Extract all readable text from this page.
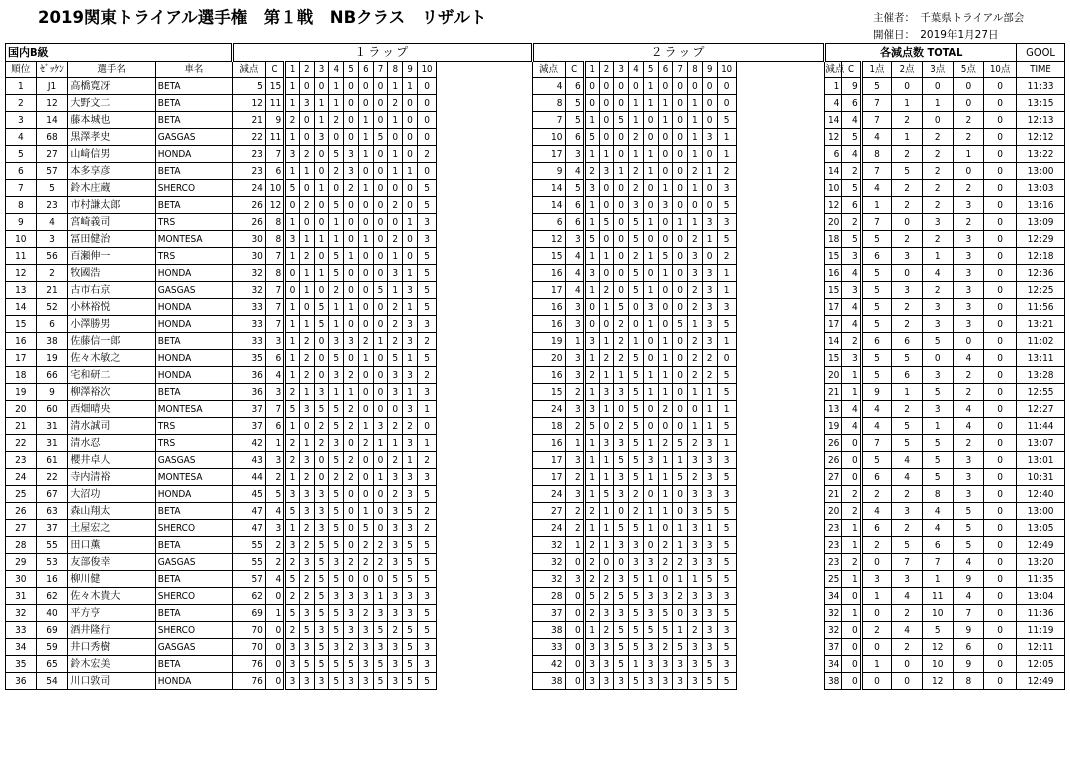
2019関東トライアル選手権　第１戦　NBクラス　リザルト	主催者：　千葉県トライアル部会
開催日：　2019年1月27日
国内B級				１ラップ													２ラップ													各減点数 TOTAL							GOOL
順位	ｾﾞｯｹﾝ	選手名	車名	減点	C	1	2	3	4	5	6	7	8	9	10		減点	C	1	2	3	4	5	6	7	8	9	10		減点	C	1点	2点	3点	5点	10点	TIME
1	J1	高橋寛冴	BETA	5	15	1	0	0	1	0	0	0	1	1	0		4	6	0	0	0	0	1	0	0	0	0	0		1	9	5	0	0	0	0	11:33
2	12	大野文二	BETA	12	11	1	3	1	1	0	0	0	2	0	0		8	5	0	0	0	1	1	1	0	1	0	0		4	6	7	1	1	0	0	13:15
3	14	藤本城也	BETA	21	9	2	0	1	2	0	1	0	1	0	0		7	5	1	0	5	1	0	1	0	1	0	5		14	4	7	2	0	2	0	12:13
4	68	黒澤孝史	GASGAS	22	11	1	0	3	0	0	1	5	0	0	0		10	6	5	0	0	2	0	0	0	1	3	1		12	5	4	1	2	2	0	12:12
5	27	山﨑信男	HONDA	23	7	3	2	0	5	3	1	0	1	0	2		17	3	1	1	0	1	1	0	0	1	0	1		6	4	8	2	2	1	0	13:22
6	57	本多享彦	BETA	23	6	1	1	0	2	3	0	0	1	1	0		9	4	2	3	1	2	1	0	0	2	1	2		14	2	7	5	2	0	0	13:00
7	5	鈴木庄蔵	SHERCO	24	10	5	0	1	0	2	1	0	0	0	5		14	5	3	0	0	2	0	1	0	1	0	3		10	5	4	2	2	2	0	13:03
8	23	市村謙太郎	BETA	26	12	0	2	0	5	0	0	0	2	0	5		14	6	1	0	0	3	0	3	0	0	0	5		12	6	1	2	2	3	0	13:16
9	4	宮崎義司	TRS	26	8	1	0	0	1	0	0	0	0	1	3		6	6	1	5	0	5	1	0	1	1	3	3		20	2	7	0	3	2	0	13:09
10	3	冨田健治	MONTESA	30	8	3	1	1	1	0	1	0	2	0	3		12	3	5	0	0	5	0	0	0	2	1	5		18	5	5	2	2	3	0	12:29
11	56	百瀬伸一	TRS	30	7	1	2	0	5	1	0	0	1	0	5		15	4	1	1	0	2	1	5	0	3	0	2		15	3	6	3	1	3	0	12:18
12	2	牧國浩	HONDA	32	8	0	1	1	5	0	0	0	3	1	5		16	4	3	0	0	5	0	1	0	3	3	1		16	4	5	0	4	3	0	12:36
13	21	古市右京	GASGAS	32	7	0	1	0	2	0	0	5	1	3	5		17	4	1	2	0	5	1	0	0	2	3	1		15	3	5	3	2	3	0	12:25
14	52	小林裕悦	HONDA	33	7	1	0	5	1	1	0	0	2	1	5		16	3	0	1	5	0	3	0	0	2	3	3		17	4	5	2	3	3	0	11:56
15	6	小澤勝男	HONDA	33	7	1	1	5	1	0	0	0	2	3	3		16	3	0	0	2	0	1	0	5	1	3	5		17	4	5	2	3	3	0	13:21
16	38	佐藤信一郎	BETA	33	3	1	2	0	3	3	2	1	2	3	2		19	1	3	1	2	1	0	1	0	2	3	1		14	2	6	6	5	0	0	11:02
17	19	佐々木敏之	HONDA	35	6	1	2	0	5	0	1	0	5	1	5		20	3	1	2	2	5	0	1	0	2	2	0		15	3	5	5	0	4	0	13:11
18	66	宅和研二	HONDA	36	4	1	2	0	3	2	0	0	3	3	2		16	3	2	1	1	5	1	1	0	2	2	5		20	1	5	6	3	2	0	13:28
19	9	柳澤裕次	BETA	36	3	2	1	3	1	1	0	0	3	1	3		15	2	1	3	3	5	1	1	0	1	1	5		21	1	9	1	5	2	0	12:55
20	60	西畑晴央	MONTESA	37	7	5	3	5	5	2	0	0	0	3	1		24	3	3	1	0	5	0	2	0	0	1	1		13	4	4	2	3	4	0	12:27
21	31	清水誠司	TRS	37	6	1	0	2	5	2	1	3	2	2	0		18	2	5	0	2	5	0	0	0	1	1	5		19	4	4	5	1	4	0	11:44
22	31	清水忍	TRS	42	1	2	1	2	3	0	2	1	1	3	1		16	1	1	3	3	5	1	2	5	2	3	1		26	0	7	5	5	2	0	13:07
23	61	櫻井卓人	GASGAS	43	3	2	3	0	5	2	0	0	2	1	2		17	3	1	1	5	5	3	1	1	3	3	3		26	0	5	4	5	3	0	13:01
24	22	寺内清裕	MONTESA	44	2	1	2	0	2	2	0	1	3	3	3		17	2	1	1	3	5	1	1	5	2	3	5		27	0	6	4	5	3	0	10:31
25	67	大沼功	HONDA	45	5	3	3	3	5	0	0	0	2	3	5		24	3	1	5	3	2	0	1	0	3	3	3		21	2	2	2	8	3	0	12:40
26	63	森山翔太	BETA	47	4	5	3	3	5	0	1	0	3	5	2		27	2	2	1	0	2	1	1	0	3	5	5		20	2	4	3	4	5	0	13:00
27	37	土屋宏之	SHERCO	47	3	1	2	3	5	0	5	0	3	3	2		24	2	1	1	5	5	1	0	1	3	1	5		23	1	6	2	4	5	0	13:05
28	55	田口薫	BETA	55	2	3	2	5	5	0	2	2	3	5	5		32	1	2	1	3	3	0	2	1	3	3	5		23	1	2	5	6	5	0	12:49
29	53	友部俊幸	GASGAS	55	2	2	3	5	3	2	2	2	3	5	5		32	0	2	0	0	3	3	2	2	3	3	5		23	2	0	7	7	4	0	13:20
30	16	柳川健	BETA	57	4	5	2	5	5	0	0	0	5	5	5		32	3	2	2	3	5	1	0	1	1	5	5		25	1	3	3	1	9	0	11:35
31	62	佐々木貴大	SHERCO	62	0	2	2	5	3	3	3	1	3	3	3		28	0	5	2	5	5	3	3	2	3	3	3		34	0	1	4	11	4	0	13:04
32	40	平方亨	BETA	69	1	5	3	5	5	3	2	3	3	3	5		37	0	2	3	3	5	3	5	0	3	3	5		32	1	0	2	10	7	0	11:36
33	69	酒井隆行	SHERCO	70	0	2	5	3	5	3	3	5	2	5	5		38	0	1	2	5	5	5	5	1	2	3	3		32	0	2	4	5	9	0	11:19
34	59	井口秀樹	GASGAS	70	0	3	3	5	3	2	3	3	3	5	3		33	0	3	3	5	5	3	2	5	3	3	5		37	0	0	2	12	6	0	12:11
35	65	鈴木宏美	BETA	76	0	3	5	5	5	5	3	5	3	5	3		42	0	3	3	5	1	3	3	3	3	5	3		34	0	1	0	10	9	0	12:05
36	54	川口敦司	HONDA	76	0	3	3	3	5	3	3	5	3	5	5		38	0	3	3	3	5	3	3	3	3	5	5		38	0	0	0	12	8	0	12:49
